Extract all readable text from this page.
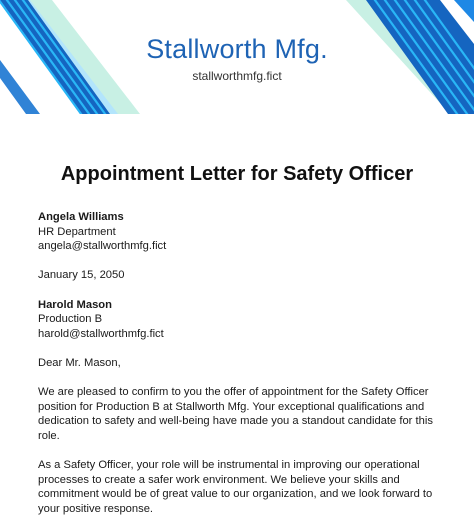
Stallworth Mfg.
stallworthmfg.fict
Appointment Letter for Safety Officer
Angela Williams
HR Department
angela@stallworthmfg.fict
January 15, 2050
Harold Mason
Production B
harold@stallworthmfg.fict
Dear Mr. Mason,
We are pleased to confirm to you the offer of appointment for the Safety Officer position for Production B at Stallworth Mfg. Your exceptional qualifications and dedication to safety and well-being have made you a standout candidate for this role.
As a Safety Officer, your role will be instrumental in improving our operational processes to create a safer work environment. We believe your skills and commitment would be of great value to our organization, and we look forward to your positive response.
